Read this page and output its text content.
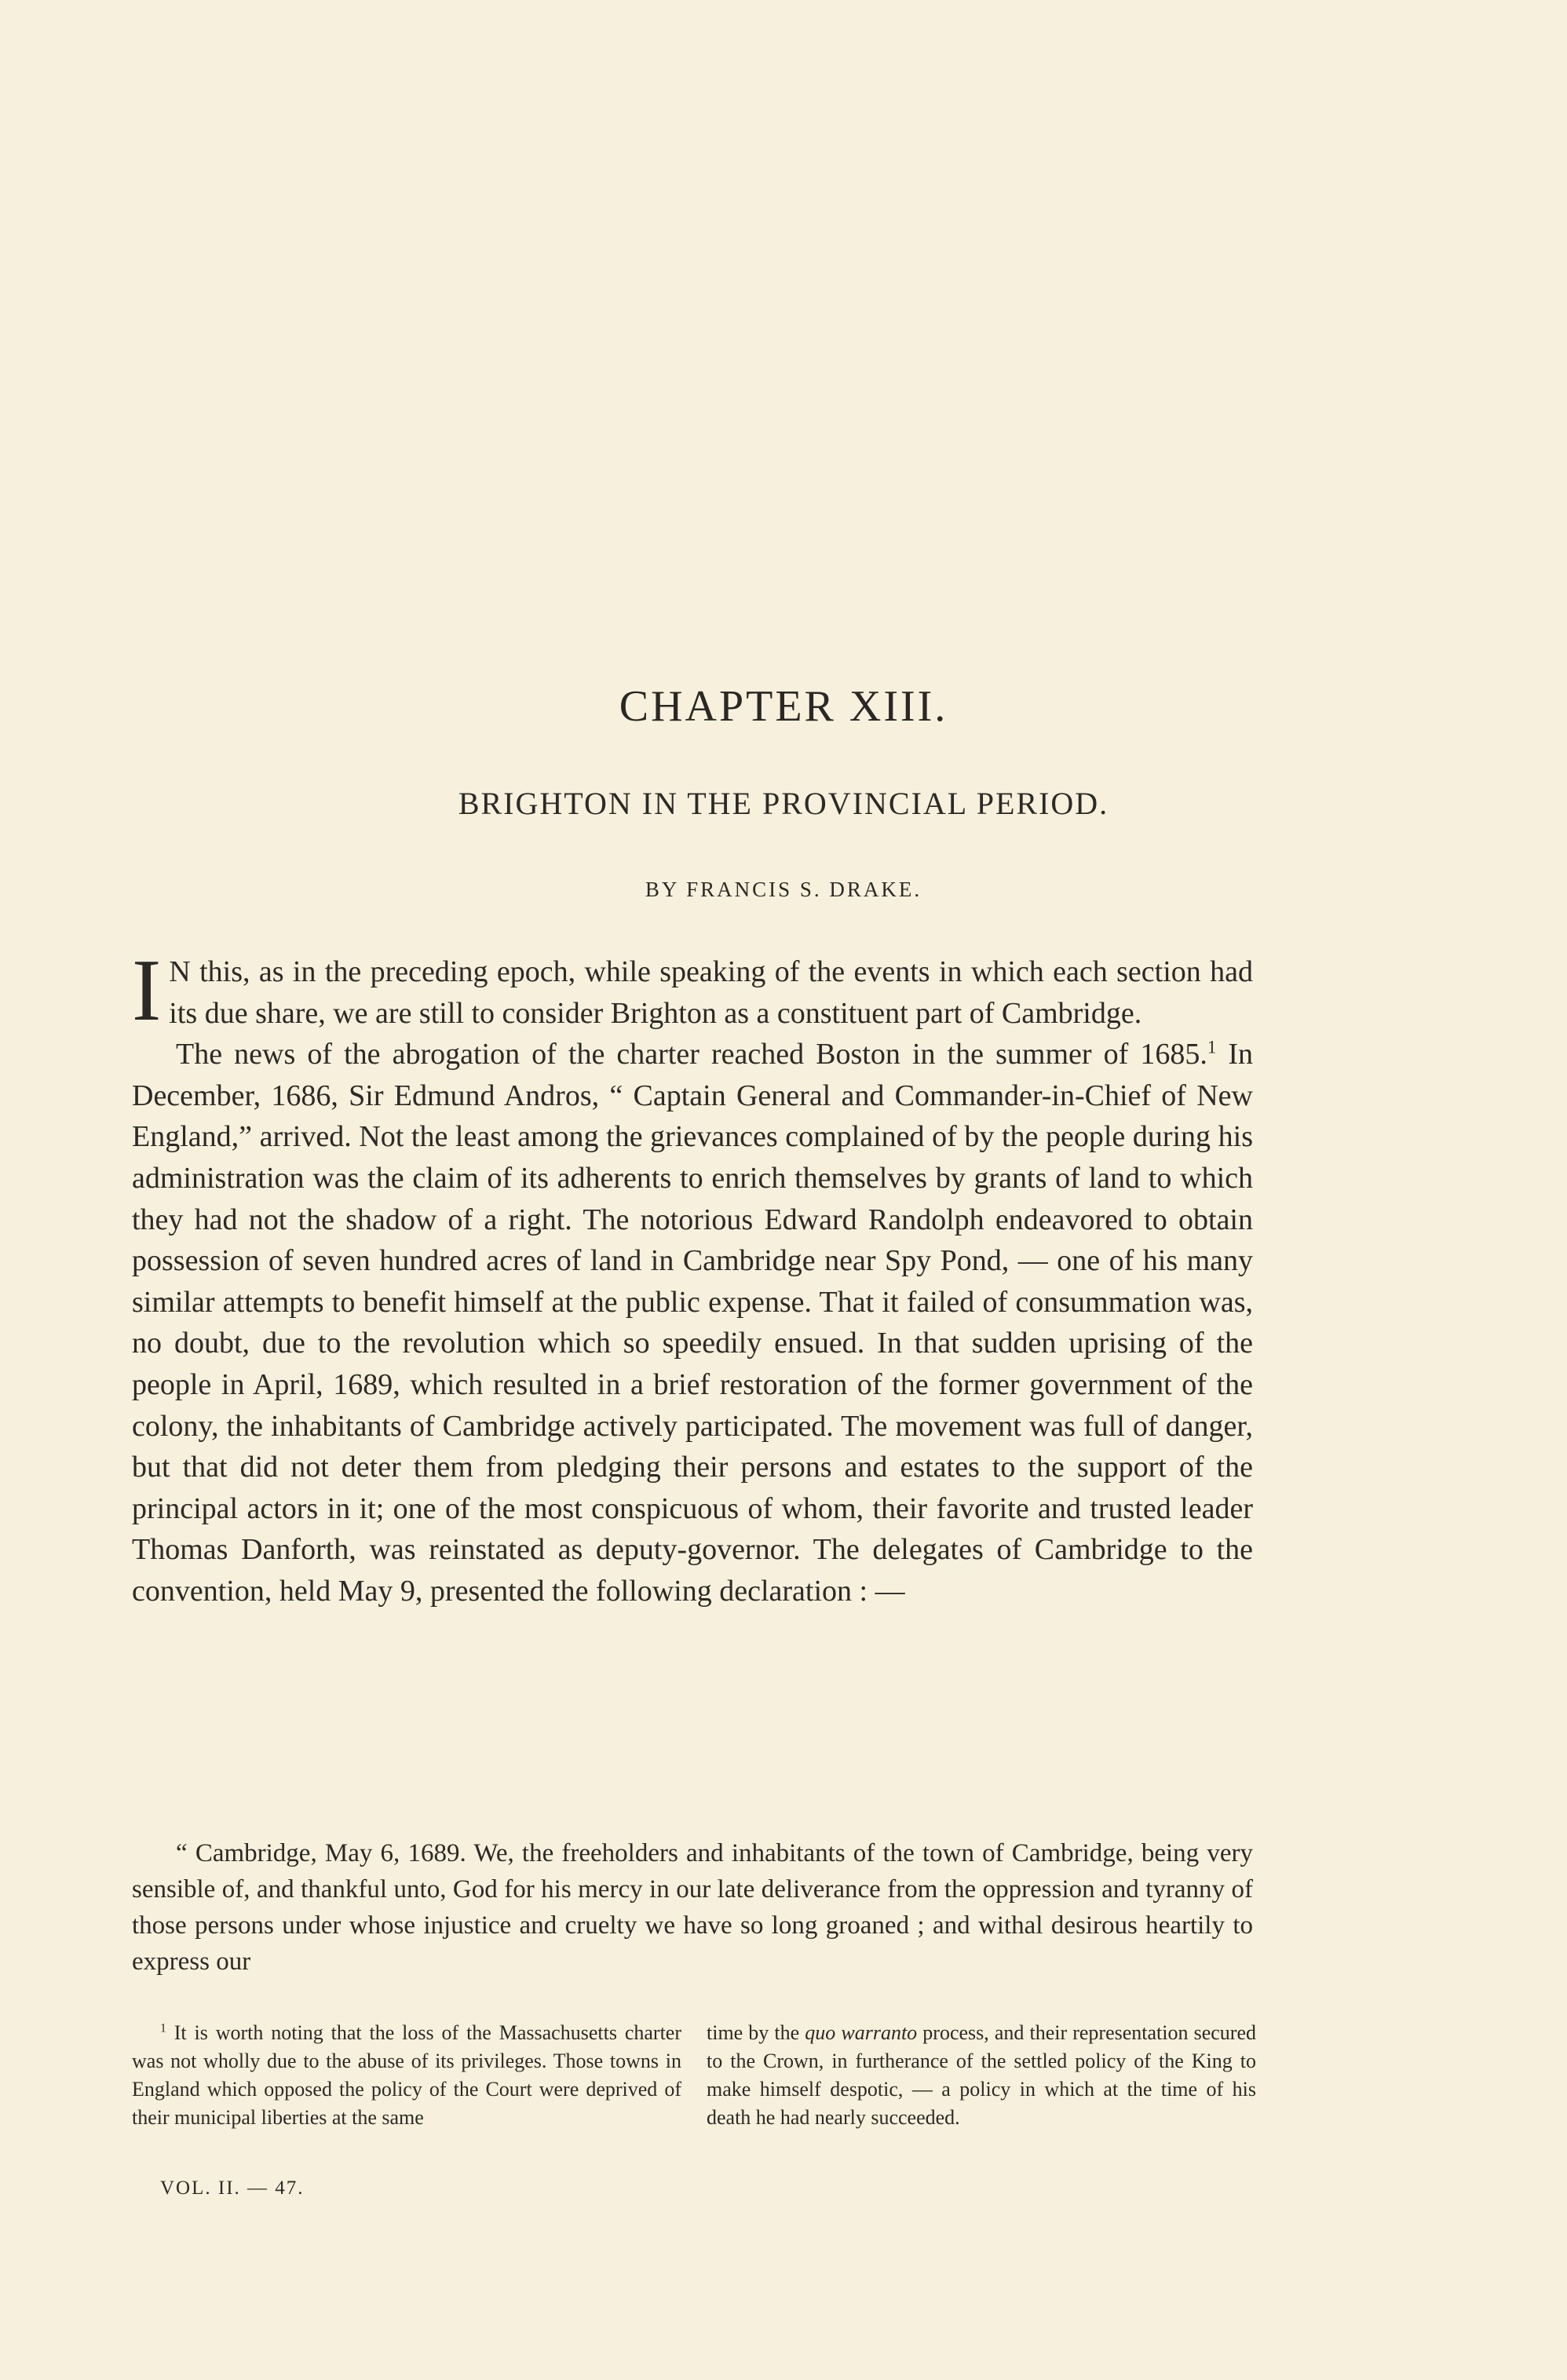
CHAPTER XIII.
BRIGHTON IN THE PROVINCIAL PERIOD.
BY FRANCIS S. DRAKE.

I N this, as in the preceding epoch, while speaking of the events in which each section had its due share, we are still to consider Brighton as a constituent part of Cambridge.

The news of the abrogation of the charter reached Boston in the summer of 1685.$^1$ In December, 1686, Sir Edmund Andros, “ Captain General and Commander-in-Chief of New England,” arrived. Not the least among the grievances complained of by the people during his administration was the claim of its adherents to enrich themselves by grants of land to which they had not the shadow of a right. The notorious Edward Randolph endeavored to obtain possession of seven hundred acres of land in Cambridge near Spy Pond, — one of his many similar attempts to benefit himself at the public expense. That it failed of consummation was, no doubt, due to the revolution which so speedily ensued. In that sudden uprising of the people in April, 1689, which resulted in a brief restoration of the former government of the colony, the inhabitants of Cambridge actively participated. The movement was full of danger, but that did not deter them from pledging their persons and estates to the support of the principal actors in it; one of the most conspicuous of whom, their favorite and trusted leader Thomas Danforth, was reinstated as deputy-governor. The delegates of Cambridge to the convention, held May 9, presented the following declaration : —

“ Cambridge, May 6, 1689. We, the freeholders and inhabitants of the town of Cambridge, being very sensible of, and thankful unto, God for his mercy in our late deliverance from the oppression and tyranny of those persons under whose injustice and cruelty we have so long groaned ; and withal desirous heartily to express our

$^1$ It is worth noting that the loss of the Massachusetts charter was not wholly due to the abuse of its privileges. Those towns in England which opposed the policy of the Court were deprived of their municipal liberties at the same

time by the quo warranto process, and their representation secured to the Crown, in furtherance of the settled policy of the King to make himself despotic, — a policy in which at the time of his death he had nearly succeeded.

VOL. II. — 47.
